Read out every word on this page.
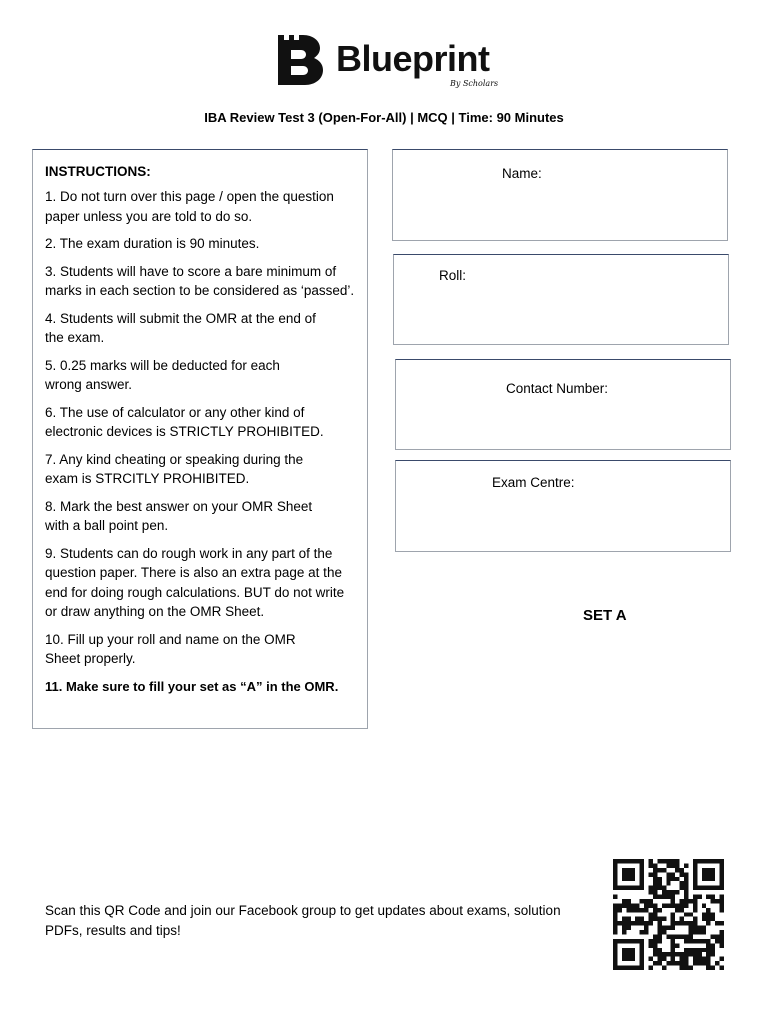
Blueprint
By Scholars
IBA Review Test 3 (Open-For-All) | MCQ | Time: 90 Minutes
INSTRUCTIONS:
1. Do not turn over this page / open the question paper unless you are told to do so.
2. The exam duration is 90 minutes.
3. Students will have to score a bare minimum of marks in each section to be considered as ‘passed’.
4. Students will submit the OMR at the end of the exam.
5. 0.25 marks will be deducted for each wrong answer.
6. The use of calculator or any other kind of electronic devices is STRICTLY PROHIBITED.
7. Any kind cheating or speaking during the exam is STRCITLY PROHIBITED.
8. Mark the best answer on your OMR Sheet with a ball point pen.
9. Students can do rough work in any part of the question paper. There is also an extra page at the end for doing rough calculations. BUT do not write or draw anything on the OMR Sheet.
10. Fill up your roll and name on the OMR Sheet properly.
11. Make sure to fill your set as “A” in the OMR.
Name:
Roll:
Contact Number:
Exam Centre:
SET A
Scan this QR Code and join our Facebook group to get updates about exams, solution PDFs, results and tips!
